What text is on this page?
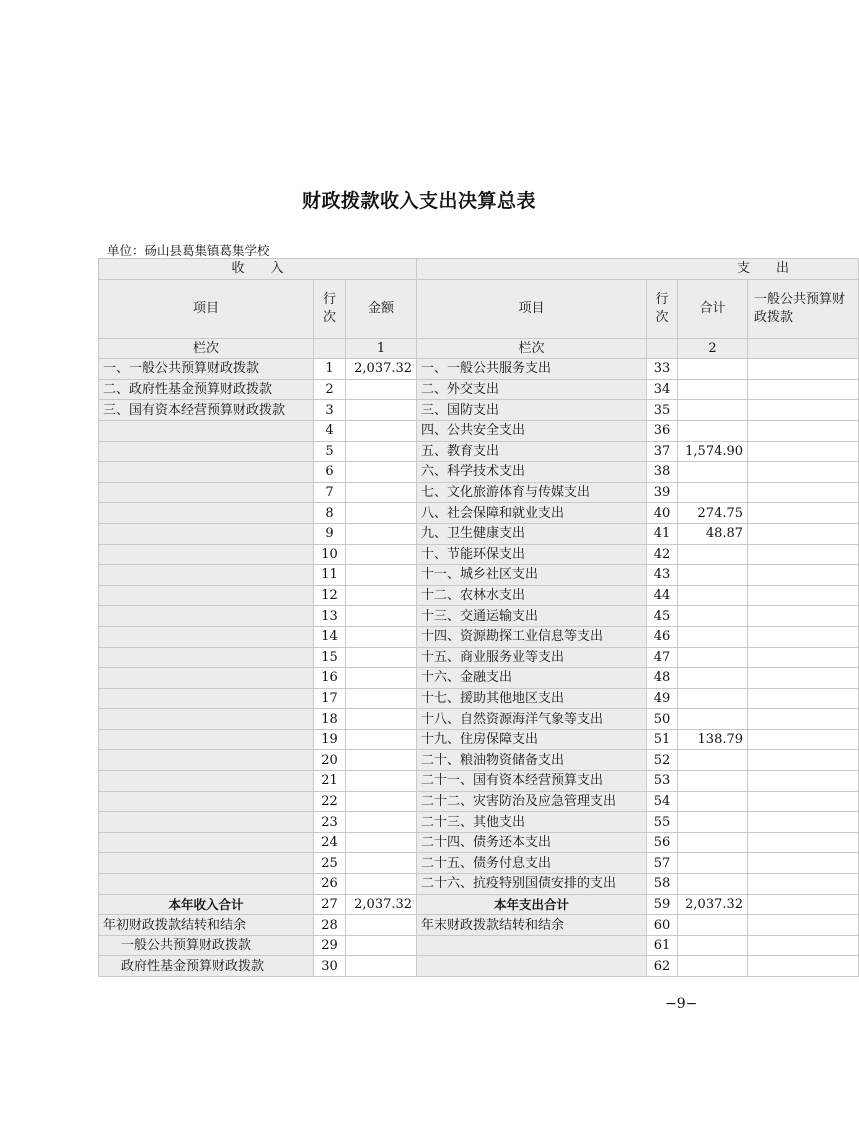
财政拨款收入支出决算总表
单位：砀山县葛集镇葛集学校
收　　入			支　　出			
项目	行次	金额	项目	行次	合计	一般公共预算财政拨款
栏次		1	栏次		2	
一、一般公共预算财政拨款	1	2,037.32	一、一般公共服务支出	33		
二、政府性基金预算财政拨款	2		二、外交支出	34		
三、国有资本经营预算财政拨款	3		三、国防支出	35		
	4		四、公共安全支出	36		
	5		五、教育支出	37	1,574.90	
	6		六、科学技术支出	38		
	7		七、文化旅游体育与传媒支出	39		
	8		八、社会保障和就业支出	40	274.75	
	9		九、卫生健康支出	41	48.87	
	10		十、节能环保支出	42		
	11		十一、城乡社区支出	43		
	12		十二、农林水支出	44		
	13		十三、交通运输支出	45		
	14		十四、资源勘探工业信息等支出	46		
	15		十五、商业服务业等支出	47		
	16		十六、金融支出	48		
	17		十七、援助其他地区支出	49		
	18		十八、自然资源海洋气象等支出	50		
	19		十九、住房保障支出	51	138.79	
	20		二十、粮油物资储备支出	52		
	21		二十一、国有资本经营预算支出	53		
	22		二十二、灾害防治及应急管理支出	54		
	23		二十三、其他支出	55		
	24		二十四、债务还本支出	56		
	25		二十五、债务付息支出	57		
	26		二十六、抗疫特别国债安排的支出	58		
本年收入合计	27	2,037.32	本年支出合计	59	2,037.32	
年初财政拨款结转和结余	28		年末财政拨款结转和结余	60		
一般公共预算财政拨款	29			61		
政府性基金预算财政拨款	30			62		
−9−
